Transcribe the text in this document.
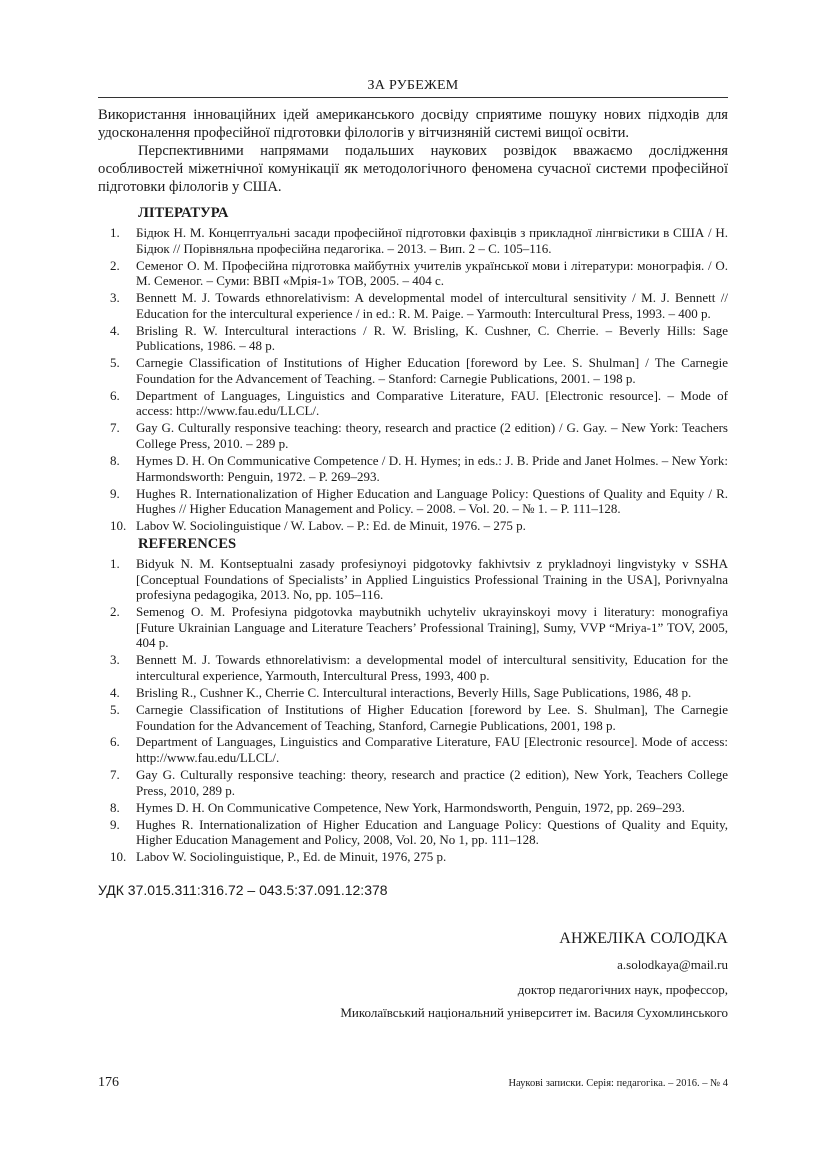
ЗА РУБЕЖЕМ

Використання інноваційних ідей американського досвіду сприятиме пошуку нових підходів для удосконалення професійної підготовки філологів у вітчизняній системі вищої освіти.

Перспективними напрямами подальших наукових розвідок вважаємо дослідження особливостей міжетнічної комунікації як методологічного феномена сучасної системи професійної підготовки філологів у США.

ЛІТЕРАТУРА
1. Бідюк Н. М. Концептуальні засади професійної підготовки фахівців з прикладної лінгвістики в США / Н. Бідюк // Порівняльна професійна педагогіка. – 2013. – Вип. 2 – С. 105–116.
2. Семеног О. М. Професійна підготовка майбутніх учителів української мови і літератури: монографія. / О. М. Семеног. – Суми: ВВП «Мрія-1» ТОВ, 2005. – 404 с.
3. Bennett M. J. Towards ethnorelativism: A developmental model of intercultural sensitivity / M. J. Bennett // Education for the intercultural experience / in ed.: R. M. Paige. – Yarmouth: Intercultural Press, 1993. – 400 p.
4. Brisling R. W. Intercultural interactions / R. W. Brisling, K. Cushner, C. Cherrie. – Beverly Hills: Sage Publications, 1986. – 48 p.
5. Carnegie Classification of Institutions of Higher Education [foreword by Lee. S. Shulman] / The Carnegie Foundation for the Advancement of Teaching. – Stanford: Carnegie Publications, 2001. – 198 p.
6. Department of Languages, Linguistics and Comparative Literature, FAU. [Electronic resource]. – Mode of access: http://www.fau.edu/LLCL/.
7. Gay G. Culturally responsive teaching: theory, research and practice (2 edition) / G. Gay. – New York: Teachers College Press, 2010. – 289 p.
8. Hymes D. H. On Communicative Competence / D. H. Hymes; in eds.: J. B. Pride and Janet Holmes. – New York: Harmondsworth: Penguin, 1972. – P. 269–293.
9. Hughes R. Internationalization of Higher Education and Language Policy: Questions of Quality and Equity / R. Hughes // Higher Education Management and Policy. – 2008. – Vol. 20. – № 1. – P. 111–128.
10. Labov W. Sociolinguistique / W. Labov. – P.: Ed. de Minuit, 1976. – 275 p.
REFERENCES
1. Bidyuk N. M. Kontseptualni zasady profesiynoyi pidgotovky fakhivtsiv z prykladnoyi lingvistyky v SSHA [Conceptual Foundations of Specialists’ in Applied Linguistics Professional Training in the USA], Porivnyalna profesiyna pedagogika, 2013. No, pp. 105–116.
2. Semenog O. M. Profesiyna pidgotovka maybutnikh uchyteliv ukrayinskoyi movy i literatury: monografiya [Future Ukrainian Language and Literature Teachers’ Professional Training], Sumy, VVP “Mriya-1” TOV, 2005, 404 p.
3. Bennett M. J. Towards ethnorelativism: a developmental model of intercultural sensitivity, Education for the intercultural experience, Yarmouth, Intercultural Press, 1993, 400 p.
4. Brisling R., Cushner K., Cherrie C. Intercultural interactions, Beverly Hills, Sage Publications, 1986, 48 p.
5. Carnegie Classification of Institutions of Higher Education [foreword by Lee. S. Shulman], The Carnegie Foundation for the Advancement of Teaching, Stanford, Carnegie Publications, 2001, 198 p.
6. Department of Languages, Linguistics and Comparative Literature, FAU [Electronic resource]. Mode of access: http://www.fau.edu/LLCL/.
7. Gay G. Culturally responsive teaching: theory, research and practice (2 edition), New York, Teachers College Press, 2010, 289 p.
8. Hymes D. H. On Communicative Competence, New York, Harmondsworth, Penguin, 1972, pp. 269–293.
9. Hughes R. Internationalization of Higher Education and Language Policy: Questions of Quality and Equity, Higher Education Management and Policy, 2008, Vol. 20, No 1, pp. 111–128.
10. Labov W. Sociolinguistique, P., Ed. de Minuit, 1976, 275 p.
УДК 37.015.311:316.72 – 043.5:37.091.12:378
АНЖЕЛІКА СОЛОДКА
a.solodkaya@mail.ru
доктор педагогічних наук, профессор,
Миколаївський національний університет ім. Василя Сухомлинського
176	Наукові записки. Серія: педагогіка. – 2016. – № 4
